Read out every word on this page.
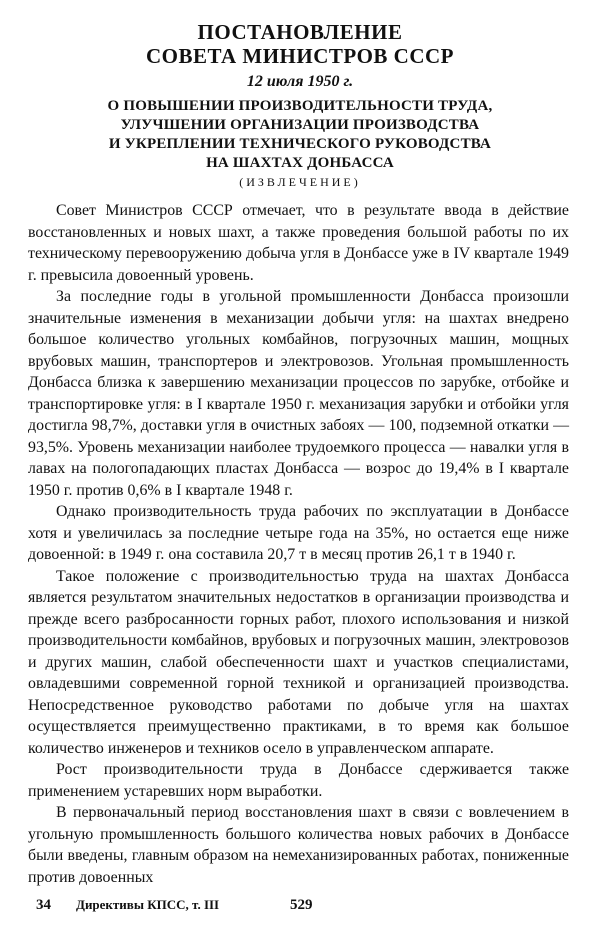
ПОСТАНОВЛЕНИЕ
СОВЕТА МИНИСТРОВ СССР
12 июля 1950 г.
О ПОВЫШЕНИИ ПРОИЗВОДИТЕЛЬНОСТИ ТРУДА,
УЛУЧШЕНИИ ОРГАНИЗАЦИИ ПРОИЗВОДСТВА
И УКРЕПЛЕНИИ ТЕХНИЧЕСКОГО РУКОВОДСТВА
НА ШАХТАХ ДОНБАССА
(ИЗВЛЕЧЕНИЕ)

Совет Министров СССР отмечает, что в результате ввода в действие восстановленных и новых шахт, а также проведения большой работы по их техническому перевооружению добыча угля в Донбассе уже в IV квартале 1949 г. превысила довоенный уровень.

За последние годы в угольной промышленности Донбасса произошли значительные изменения в механизации добычи угля: на шахтах внедрено большое количество угольных комбайнов, погрузочных машин, мощных врубовых машин, транспортеров и электровозов. Угольная промышленность Донбасса близка к завершению механизации процессов по зарубке, отбойке и транспортировке угля: в I квартале 1950 г. механизация зарубки и отбойки угля достигла 98,7%, доставки угля в очистных забоях — 100, подземной откатки — 93,5%. Уровень механизации наиболее трудоемкого процесса — навалки угля в лавах на пологопадающих пластах Донбасса — возрос до 19,4% в I квартале 1950 г. против 0,6% в I квартале 1948 г.

Однако производительность труда рабочих по эксплуатации в Донбассе хотя и увеличилась за последние четыре года на 35%, но остается еще ниже довоенной: в 1949 г. она составила 20,7 т в месяц против 26,1 т в 1940 г.

Такое положение с производительностью труда на шахтах Донбасса является результатом значительных недостатков в организации производства и прежде всего разбросанности горных работ, плохого использования и низкой производительности комбайнов, врубовых и погрузочных машин, электровозов и других машин, слабой обеспеченности шахт и участков специалистами, овладевшими современной горной техникой и организацией производства. Непосредственное руководство работами по добыче угля на шахтах осуществляется преимущественно практиками, в то время как большое количество инженеров и техников осело в управленческом аппарате.

Рост производительности труда в Донбассе сдерживается также применением устаревших норм выработки.

В первоначальный период восстановления шахт в связи с вовлечением в угольную промышленность большого количества новых рабочих в Донбассе были введены, главным образом на немеханизированных работах, пониженные против довоенных

34 Директивы КПСС, т. III	529
